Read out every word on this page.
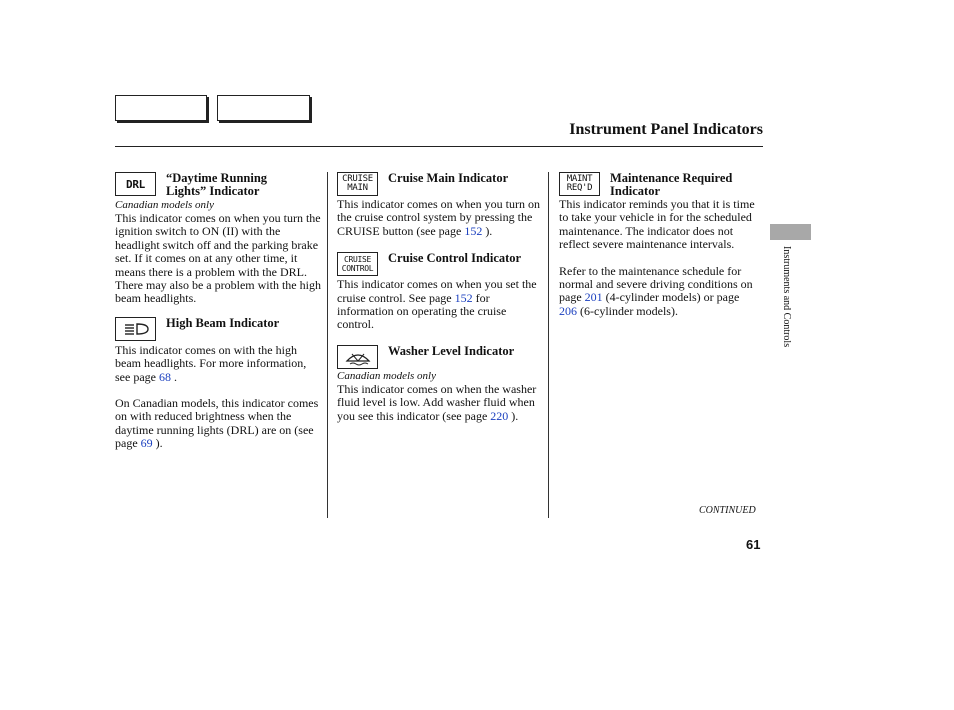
Instrument Panel Indicators
Instruments and Controls
DRL “Daytime Running
Lights” Indicator
Canadian models only

This indicator comes on when you turn the ignition switch to ON (II) with the headlight switch off and the parking brake set. If it comes on at any other time, it means there is a problem with the DRL. There may also be a problem with the high beam headlights.

High Beam Indicator

This indicator comes on with the high beam headlights. For more information, see page 68 .

On Canadian models, this indicator comes on with reduced brightness when the daytime running lights (DRL) are on (see page 69 ).

CRUISE
MAIN
Cruise Main Indicator

This indicator comes on when you turn on the cruise control system by pressing the CRUISE button (see page 152 ).

CRUISE
CONTROL
Cruise Control Indicator

This indicator comes on when you set the cruise control. See page 152 for information on operating the cruise control.

Washer Level Indicator
Canadian models only

This indicator comes on when the washer fluid level is low. Add washer fluid when you see this indicator (see page 220 ).

MAINT
REQ'D
Maintenance Required
Indicator

This indicator reminds you that it is time to take your vehicle in for the scheduled maintenance. The indicator does not reflect severe maintenance intervals.

Refer to the maintenance schedule for normal and severe driving conditions on page 201 (4-cylinder models) or page 206 (6-cylinder models).

CONTINUED
61
